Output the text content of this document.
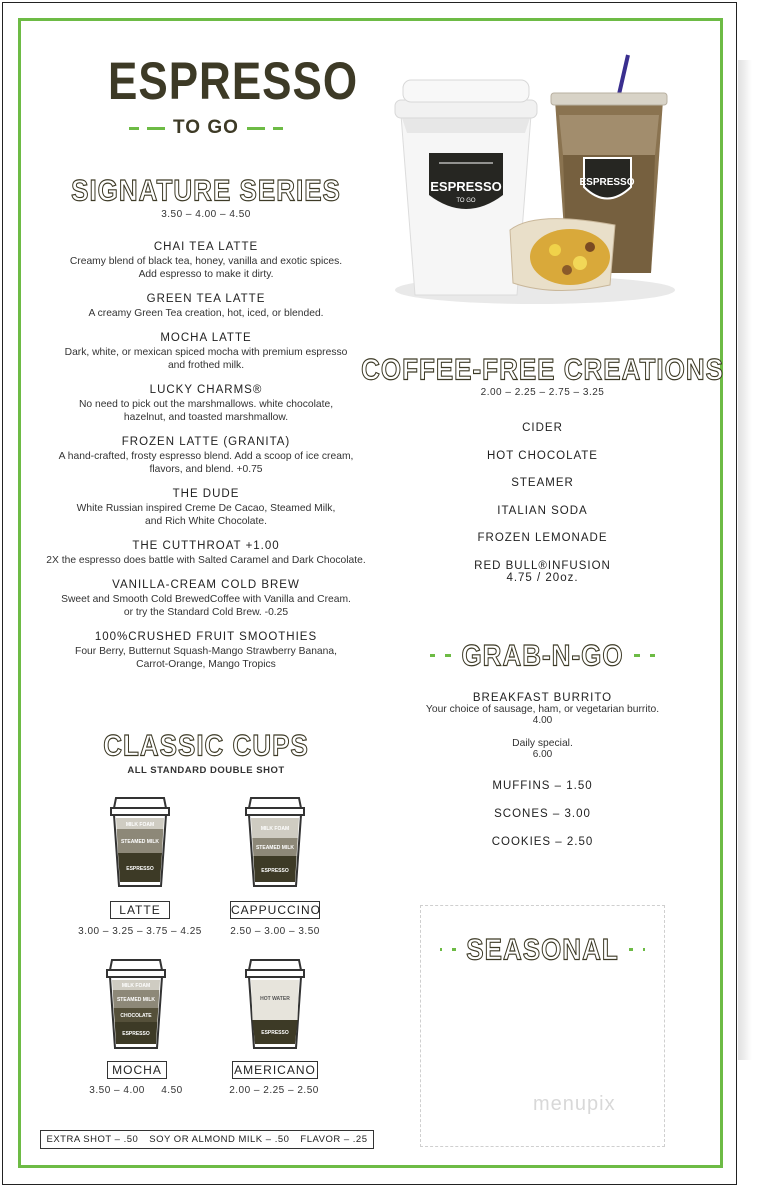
ESPRESSO
TO GO
ESPRESSO
ESPRESSO
TO GO
SIGNATURE SERIES
3.50 – 4.00 – 4.50
CHAI TEA LATTE
Creamy blend of black tea, honey, vanilla and exotic spices.
Add espresso to make it dirty.
GREEN TEA LATTE
A creamy Green Tea creation, hot, iced, or blended.
MOCHA LATTE
Dark, white, or mexican spiced mocha with premium espresso
and frothed milk.
LUCKY CHARMS®
No need to pick out the marshmallows. white chocolate,
hazelnut, and toasted marshmallow.
FROZEN LATTE (GRANITA)
A hand-crafted, frosty espresso blend. Add a scoop of ice cream,
flavors, and blend. +0.75
THE DUDE
White Russian inspired Creme De Cacao, Steamed Milk,
and Rich White Chocolate.
THE CUTTHROAT +1.00
2X the espresso does battle with Salted Caramel and Dark Chocolate.
VANILLA-CREAM COLD BREW
Sweet and Smooth Cold BrewedCoffee with Vanilla and Cream.
or try the Standard Cold Brew. -0.25
100%CRUSHED FRUIT SMOOTHIES
Four Berry, Butternut Squash-Mango Strawberry Banana,
Carrot-Orange, Mango Tropics
COFFEE-FREE CREATIONS
2.00 – 2.25 – 2.75 – 3.25
CIDER
HOT CHOCOLATE
STEAMER
ITALIAN SODA
FROZEN LEMONADE
RED BULL®INFUSION
4.75 / 20oz.
GRAB-N-GO
BREAKFAST BURRITO
Your choice of sausage, ham, or vegetarian burrito.
4.00
Daily special.
6.00
MUFFINS – 1.50
SCONES – 3.00
COOKIES – 2.50
SEASONAL
CLASSIC CUPS
ALL STANDARD DOUBLE SHOT
MILK FOAM
STEAMED MILK
ESPRESSO
LATTE
3.00 – 3.25 – 3.75 – 4.25
MILK FOAM
STEAMED MILK
ESPRESSO
CAPPUCCINO
2.50 – 3.00 – 3.50
MILK FOAM
STEAMED MILK
CHOCOLATE
ESPRESSO
MOCHA
3.50 – 4.00     4.50
HOT WATER
ESPRESSO
AMERICANO
2.00 – 2.25 – 2.50
EXTRA SHOT – .50 SOY OR ALMOND MILK – .50 FLAVOR – .25
menupix
